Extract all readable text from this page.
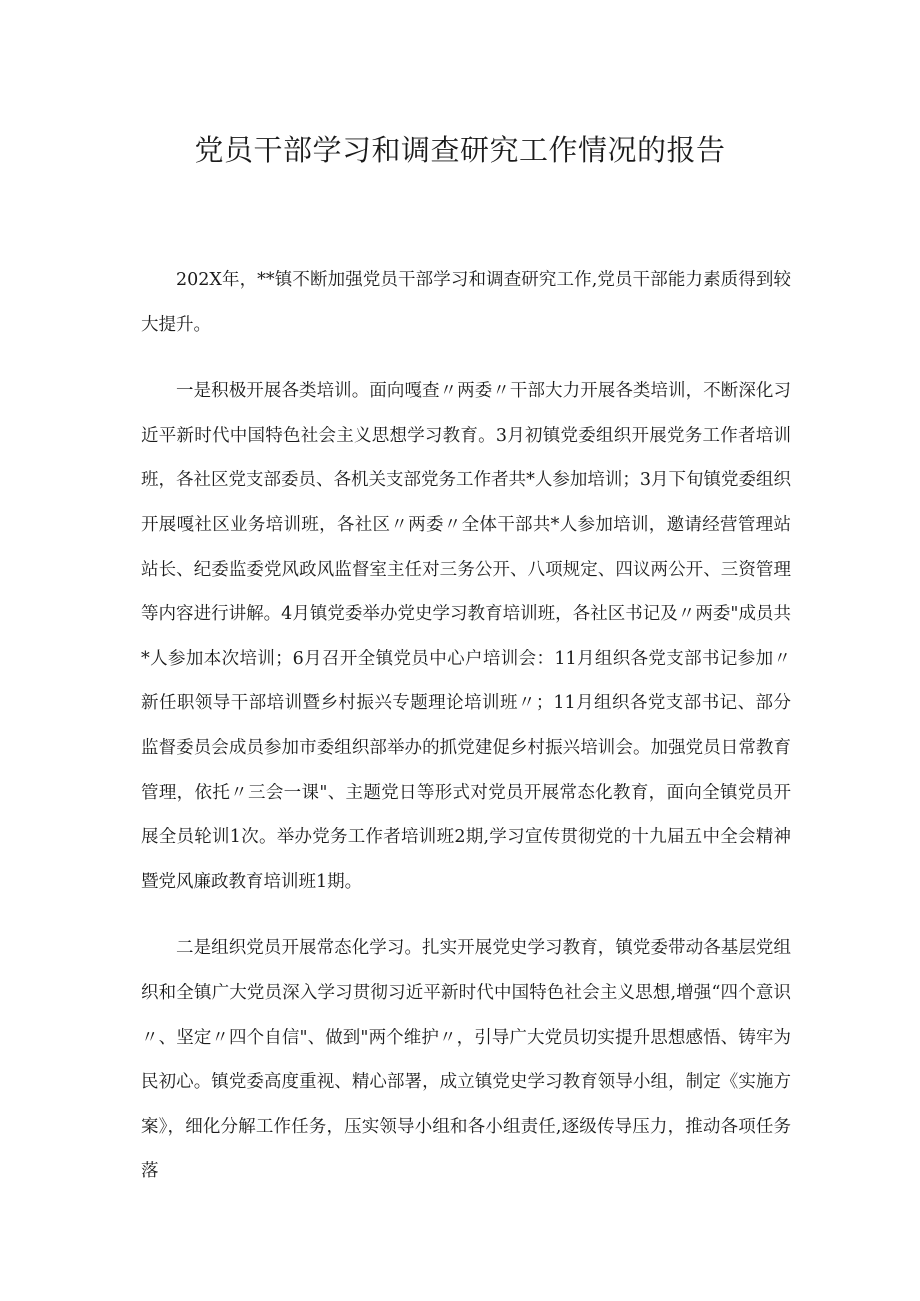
党员干部学习和调查研究工作情况的报告

202X年，**镇不断加强党员干部学习和调查研究工作,党员干部能力素质得到较大提升。

一是积极开展各类培训。面向嘎查〃两委〃干部大力开展各类培训，不断深化习近平新时代中国特色社会主义思想学习教育。3月初镇党委组织开展党务工作者培训班，各社区党支部委员、各机关支部党务工作者共*人参加培训；3月下旬镇党委组织开展嘎社区业务培训班，各社区〃两委〃全体干部共*人参加培训，邀请经营管理站站长、纪委监委党风政风监督室主任对三务公开、八项规定、四议两公开、三资管理等内容进行讲解。4月镇党委举办党史学习教育培训班，各社区书记及〃两委"成员共*人参加本次培训；6月召开全镇党员中心户培训会：11月组织各党支部书记参加〃新任职领导干部培训暨乡村振兴专题理论培训班〃；11月组织各党支部书记、部分监督委员会成员参加市委组织部举办的抓党建促乡村振兴培训会。加强党员日常教育管理，依托〃三会一课"、主题党日等形式对党员开展常态化教育，面向全镇党员开展全员轮训1次。举办党务工作者培训班2期,学习宣传贯彻党的十九届五中全会精神暨党风廉政教育培训班1期。

二是组织党员开展常态化学习。扎实开展党史学习教育，镇党委带动各基层党组织和全镇广大党员深入学习贯彻习近平新时代中国特色社会主义思想,增强“四个意识〃、坚定〃四个自信"、做到"两个维护〃，引导广大党员切实提升思想感悟、铸牢为民初心。镇党委高度重视、精心部署，成立镇党史学习教育领导小组，制定《实施方案》，细化分解工作任务，压实领导小组和各小组责任,逐级传导压力，推动各项任务落
